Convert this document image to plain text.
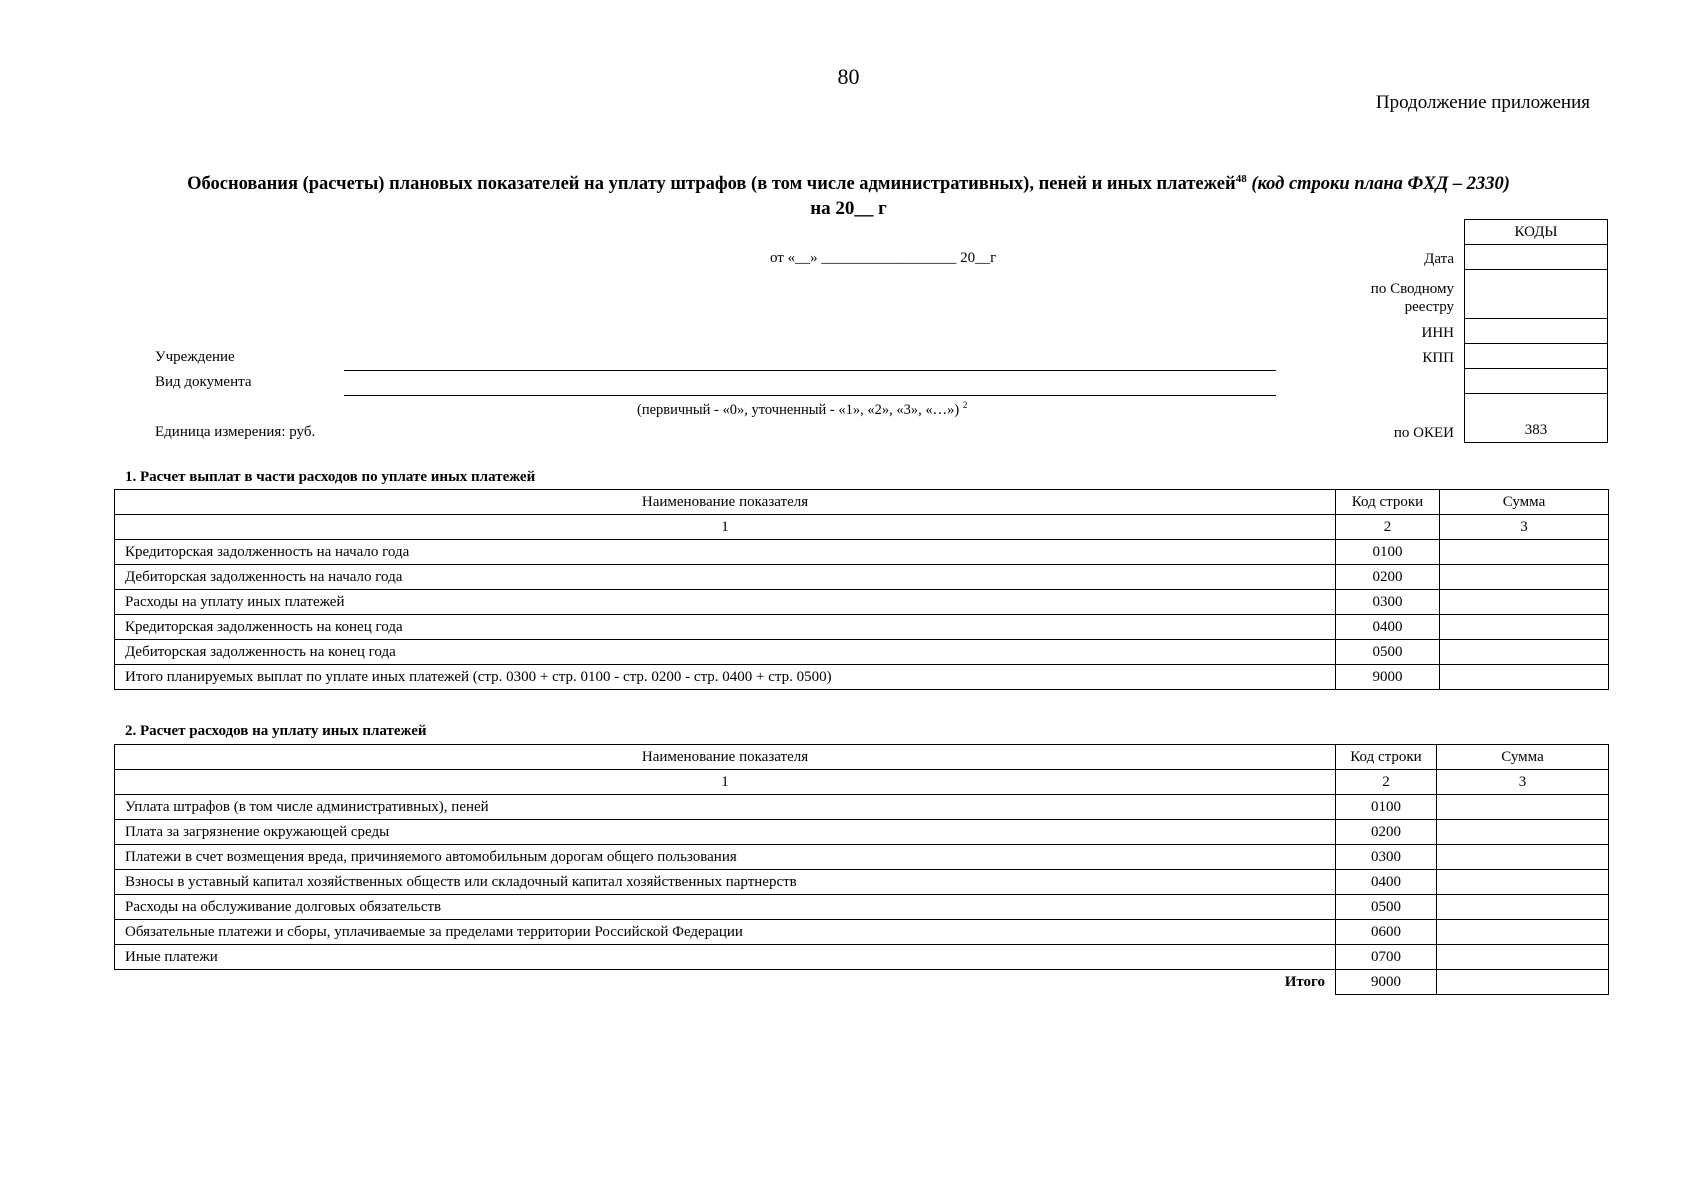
80
Продолжение приложения
Обоснования (расчеты) плановых показателей на уплату штрафов (в том числе административных), пеней и иных платежей$^{48}$ (код строки плана ФХД – 2330)
на 20__ г
от «__» __________________ 20__г
Учреждение
Вид документа
(первичный - «0», уточненный - «1», «2», «3», «…») $^2$
Единица измерения: руб.
Дата
по Сводному
реестру
ИНН
КПП
по ОКЕИ
КОДЫ

383
1. Расчет выплат в части расходов по уплате иных платежей
Наименование показателя	Код строки	Сумма
1	2	3
Кредиторская задолженность на начало года	0100	
Дебиторская задолженность на начало года	0200	
Расходы на уплату иных платежей	0300	
Кредиторская задолженность на конец года	0400	
Дебиторская задолженность на конец года	0500	
Итого планируемых выплат по уплате иных платежей (стр. 0300 + стр. 0100 - стр. 0200 - стр. 0400 + стр. 0500)	9000	
2. Расчет расходов на уплату иных платежей
Наименование показателя	Код строки	Сумма
1	2	3
Уплата штрафов (в том числе административных), пеней	0100	
Плата за загрязнение окружающей среды	0200	
Платежи в счет возмещения вреда, причиняемого автомобильным дорогам общего пользования	0300	
Взносы в уставный капитал хозяйственных обществ или складочный капитал хозяйственных партнерств	0400	
Расходы на обслуживание долговых обязательств	0500	
Обязательные платежи и сборы, уплачиваемые за пределами территории Российской Федерации	0600	
Иные платежи	0700	
Итого	9000	
